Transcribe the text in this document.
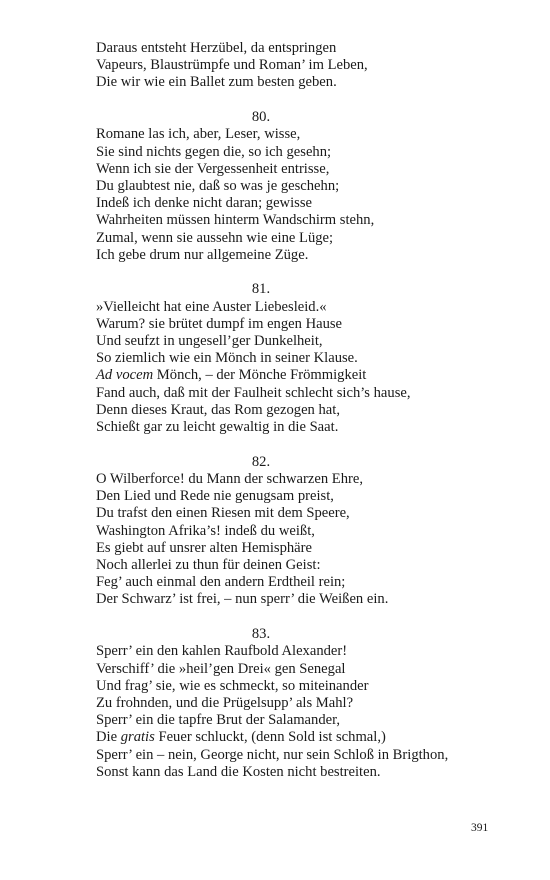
Daraus entsteht Herzübel, da entspringen
Vapeurs, Blaustrümpfe und Roman’ im Leben,
Die wir wie ein Ballet zum besten geben.
80.
Romane las ich, aber, Leser, wisse,
Sie sind nichts gegen die, so ich gesehn;
Wenn ich sie der Vergessenheit entrisse,
Du glaubtest nie, daß so was je geschehn;
Indeß ich denke nicht daran; gewisse
Wahrheiten müssen hinterm Wandschirm stehn,
Zumal, wenn sie aussehn wie eine Lüge;
Ich gebe drum nur allgemeine Züge.
81.
»Vielleicht hat eine Auster Liebesleid.«
Warum? sie brütet dumpf im engen Hause
Und seufzt in ungesell’ger Dunkelheit,
So ziemlich wie ein Mönch in seiner Klause.
Ad vocem Mönch, – der Mönche Frömmigkeit
Fand auch, daß mit der Faulheit schlecht sich’s hause,
Denn dieses Kraut, das Rom gezogen hat,
Schießt gar zu leicht gewaltig in die Saat.
82.
O Wilberforce! du Mann der schwarzen Ehre,
Den Lied und Rede nie genugsam preist,
Du trafst den einen Riesen mit dem Speere,
Washington Afrika’s! indeß du weißt,
Es giebt auf unsrer alten Hemisphäre
Noch allerlei zu thun für deinen Geist:
Feg’ auch einmal den andern Erdtheil rein;
Der Schwarz’ ist frei, – nun sperr’ die Weißen ein.
83.
Sperr’ ein den kahlen Raufbold Alexander!
Verschiff’ die »heil’gen Drei« gen Senegal
Und frag’ sie, wie es schmeckt, so miteinander
Zu frohnden, und die Prügelsupp’ als Mahl?
Sperr’ ein die tapfre Brut der Salamander,
Die gratis Feuer schluckt, (denn Sold ist schmal,)
Sperr’ ein – nein, George nicht, nur sein Schloß in Brigthon,
Sonst kann das Land die Kosten nicht bestreiten.
391
